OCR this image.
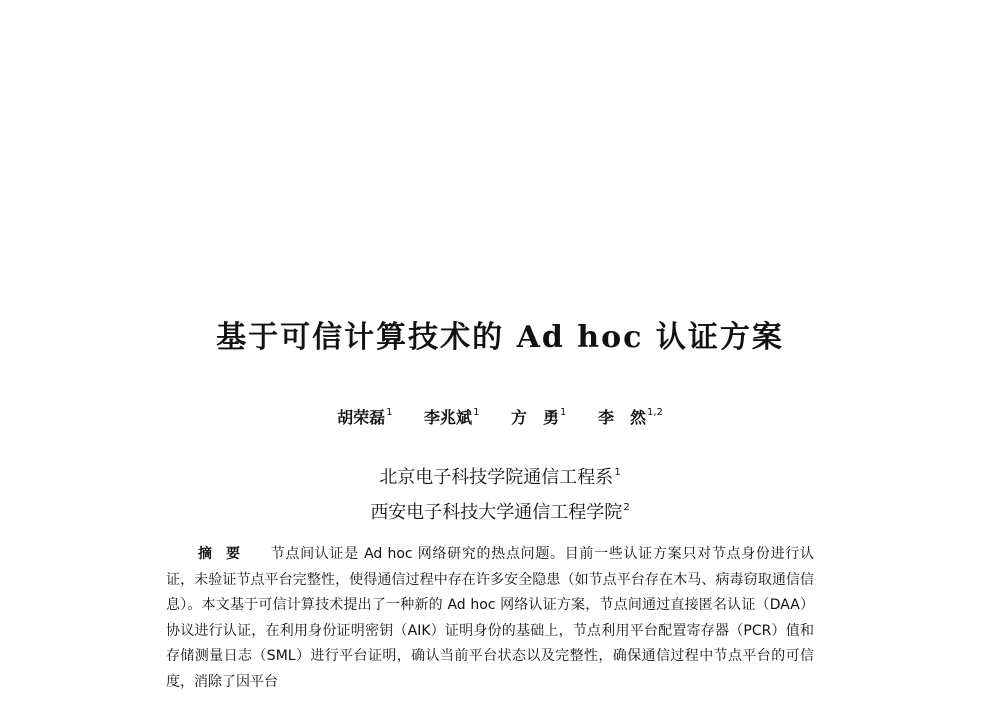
基于可信计算技术的 Ad hoc 认证方案
胡荣磊$^1$ 李兆斌$^1$ 方　勇$^1$ 李　然$^{1,2}$
北京电子科技学院通信工程系$^1$
西安电子科技大学通信工程学院$^2$
摘要 节点间认证是 Ad hoc 网络研究的热点问题。目前一些认证方案只对节点身份进行认证，未验证节点平台完整性，使得通信过程中存在许多安全隐患（如节点平台存在木马、病毒窃取通信信息）。本文基于可信计算技术提出了一种新的 Ad hoc 网络认证方案，节点间通过直接匿名认证（DAA）协议进行认证，在利用身份证明密钥（AIK）证明身份的基础上，节点利用平台配置寄存器（PCR）值和存储测量日志（SML）进行平台证明，确认当前平台状态以及完整性，确保通信过程中节点平台的可信度，消除了因平台
